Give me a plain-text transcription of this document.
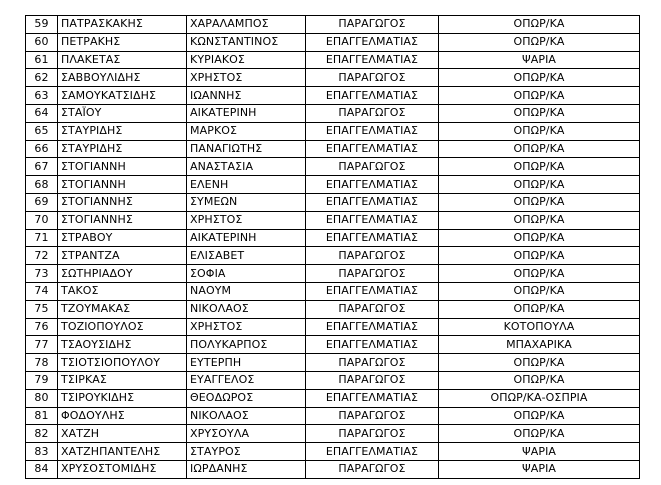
59	ΠΑΤΡΑΣΚΑΚΗΣ	ΧΑΡΑΛΑΜΠΟΣ	ΠΑΡΑΓΩΓΟΣ	ΟΠΩΡ/ΚΑ
60	ΠΕΤΡΑΚΗΣ	ΚΩΝΣΤΑΝΤΙΝΟΣ	ΕΠΑΓΓΕΛΜΑΤΙΑΣ	ΟΠΩΡ/ΚΑ
61	ΠΛΑΚΕΤΑΣ	ΚΥΡΙΑΚΟΣ	ΕΠΑΓΓΕΛΜΑΤΙΑΣ	ΨΑΡΙΑ
62	ΣΑΒΒΟΥΛΙΔΗΣ	ΧΡΗΣΤΟΣ	ΠΑΡΑΓΩΓΟΣ	ΟΠΩΡ/ΚΑ
63	ΣΑΜΟΥΚΑΤΣΙΔΗΣ	ΙΩΑΝΝΗΣ	ΕΠΑΓΓΕΛΜΑΤΙΑΣ	ΟΠΩΡ/ΚΑ
64	ΣΤΑΪΟΥ	ΑΙΚΑΤΕΡΙΝΗ	ΠΑΡΑΓΩΓΟΣ	ΟΠΩΡ/ΚΑ
65	ΣΤΑΥΡΙΔΗΣ	ΜΑΡΚΟΣ	ΕΠΑΓΓΕΛΜΑΤΙΑΣ	ΟΠΩΡ/ΚΑ
66	ΣΤΑΥΡΙΔΗΣ	ΠΑΝΑΓΙΩΤΗΣ	ΕΠΑΓΓΕΛΜΑΤΙΑΣ	ΟΠΩΡ/ΚΑ
67	ΣΤΟΓΙΑΝΝΗ	ΑΝΑΣΤΑΣΙΑ	ΠΑΡΑΓΩΓΟΣ	ΟΠΩΡ/ΚΑ
68	ΣΤΟΓΙΑΝΝΗ	ΕΛΕΝΗ	ΕΠΑΓΓΕΛΜΑΤΙΑΣ	ΟΠΩΡ/ΚΑ
69	ΣΤΟΓΙΑΝΝΗΣ	ΣΥΜΕΩΝ	ΕΠΑΓΓΕΛΜΑΤΙΑΣ	ΟΠΩΡ/ΚΑ
70	ΣΤΟΓΙΑΝΝΗΣ	ΧΡΗΣΤΟΣ	ΕΠΑΓΓΕΛΜΑΤΙΑΣ	ΟΠΩΡ/ΚΑ
71	ΣΤΡΑΒΟΥ	ΑΙΚΑΤΕΡΙΝΗ	ΕΠΑΓΓΕΛΜΑΤΙΑΣ	ΟΠΩΡ/ΚΑ
72	ΣΤΡΑΝΤΖΑ	ΕΛΙΣΑΒΕΤ	ΠΑΡΑΓΩΓΟΣ	ΟΠΩΡ/ΚΑ
73	ΣΩΤΗΡΙΑΔΟΥ	ΣΟΦΙΑ	ΠΑΡΑΓΩΓΟΣ	ΟΠΩΡ/ΚΑ
74	ΤΑΚΟΣ	ΝΑΟΥΜ	ΕΠΑΓΓΕΛΜΑΤΙΑΣ	ΟΠΩΡ/ΚΑ
75	ΤΖΟΥΜΑΚΑΣ	ΝΙΚΟΛΑΟΣ	ΠΑΡΑΓΩΓΟΣ	ΟΠΩΡ/ΚΑ
76	ΤΟΖΙΟΠΟΥΛΟΣ	ΧΡΗΣΤΟΣ	ΕΠΑΓΓΕΛΜΑΤΙΑΣ	ΚΟΤΟΠΟΥΛΑ
77	ΤΣΑΟΥΣΙΔΗΣ	ΠΟΛΥΚΑΡΠΟΣ	ΕΠΑΓΓΕΛΜΑΤΙΑΣ	ΜΠΑΧΑΡΙΚΑ
78	ΤΣΙΟΤΣΙΟΠΟΥΛΟΥ	ΕΥΤΕΡΠΗ	ΠΑΡΑΓΩΓΟΣ	ΟΠΩΡ/ΚΑ
79	ΤΣΙΡΚΑΣ	ΕΥΑΓΓΕΛΟΣ	ΠΑΡΑΓΩΓΟΣ	ΟΠΩΡ/ΚΑ
80	ΤΣΙΡΟΥΚΙΔΗΣ	ΘΕΟΔΩΡΟΣ	ΕΠΑΓΓΕΛΜΑΤΙΑΣ	ΟΠΩΡ/ΚΑ-ΟΣΠΡΙΑ
81	ΦΟΔΟΥΛΗΣ	ΝΙΚΟΛΑΟΣ	ΠΑΡΑΓΩΓΟΣ	ΟΠΩΡ/ΚΑ
82	ΧΑΤΖΗ	ΧΡΥΣΟΥΛΑ	ΠΑΡΑΓΩΓΟΣ	ΟΠΩΡ/ΚΑ
83	ΧΑΤΖΗΠΑΝΤΕΛΗΣ	ΣΤΑΥΡΟΣ	ΕΠΑΓΓΕΛΜΑΤΙΑΣ	ΨΑΡΙΑ
84	ΧΡΥΣΟΣΤΟΜΙΔΗΣ	ΙΩΡΔΑΝΗΣ	ΠΑΡΑΓΩΓΟΣ	ΨΑΡΙΑ
